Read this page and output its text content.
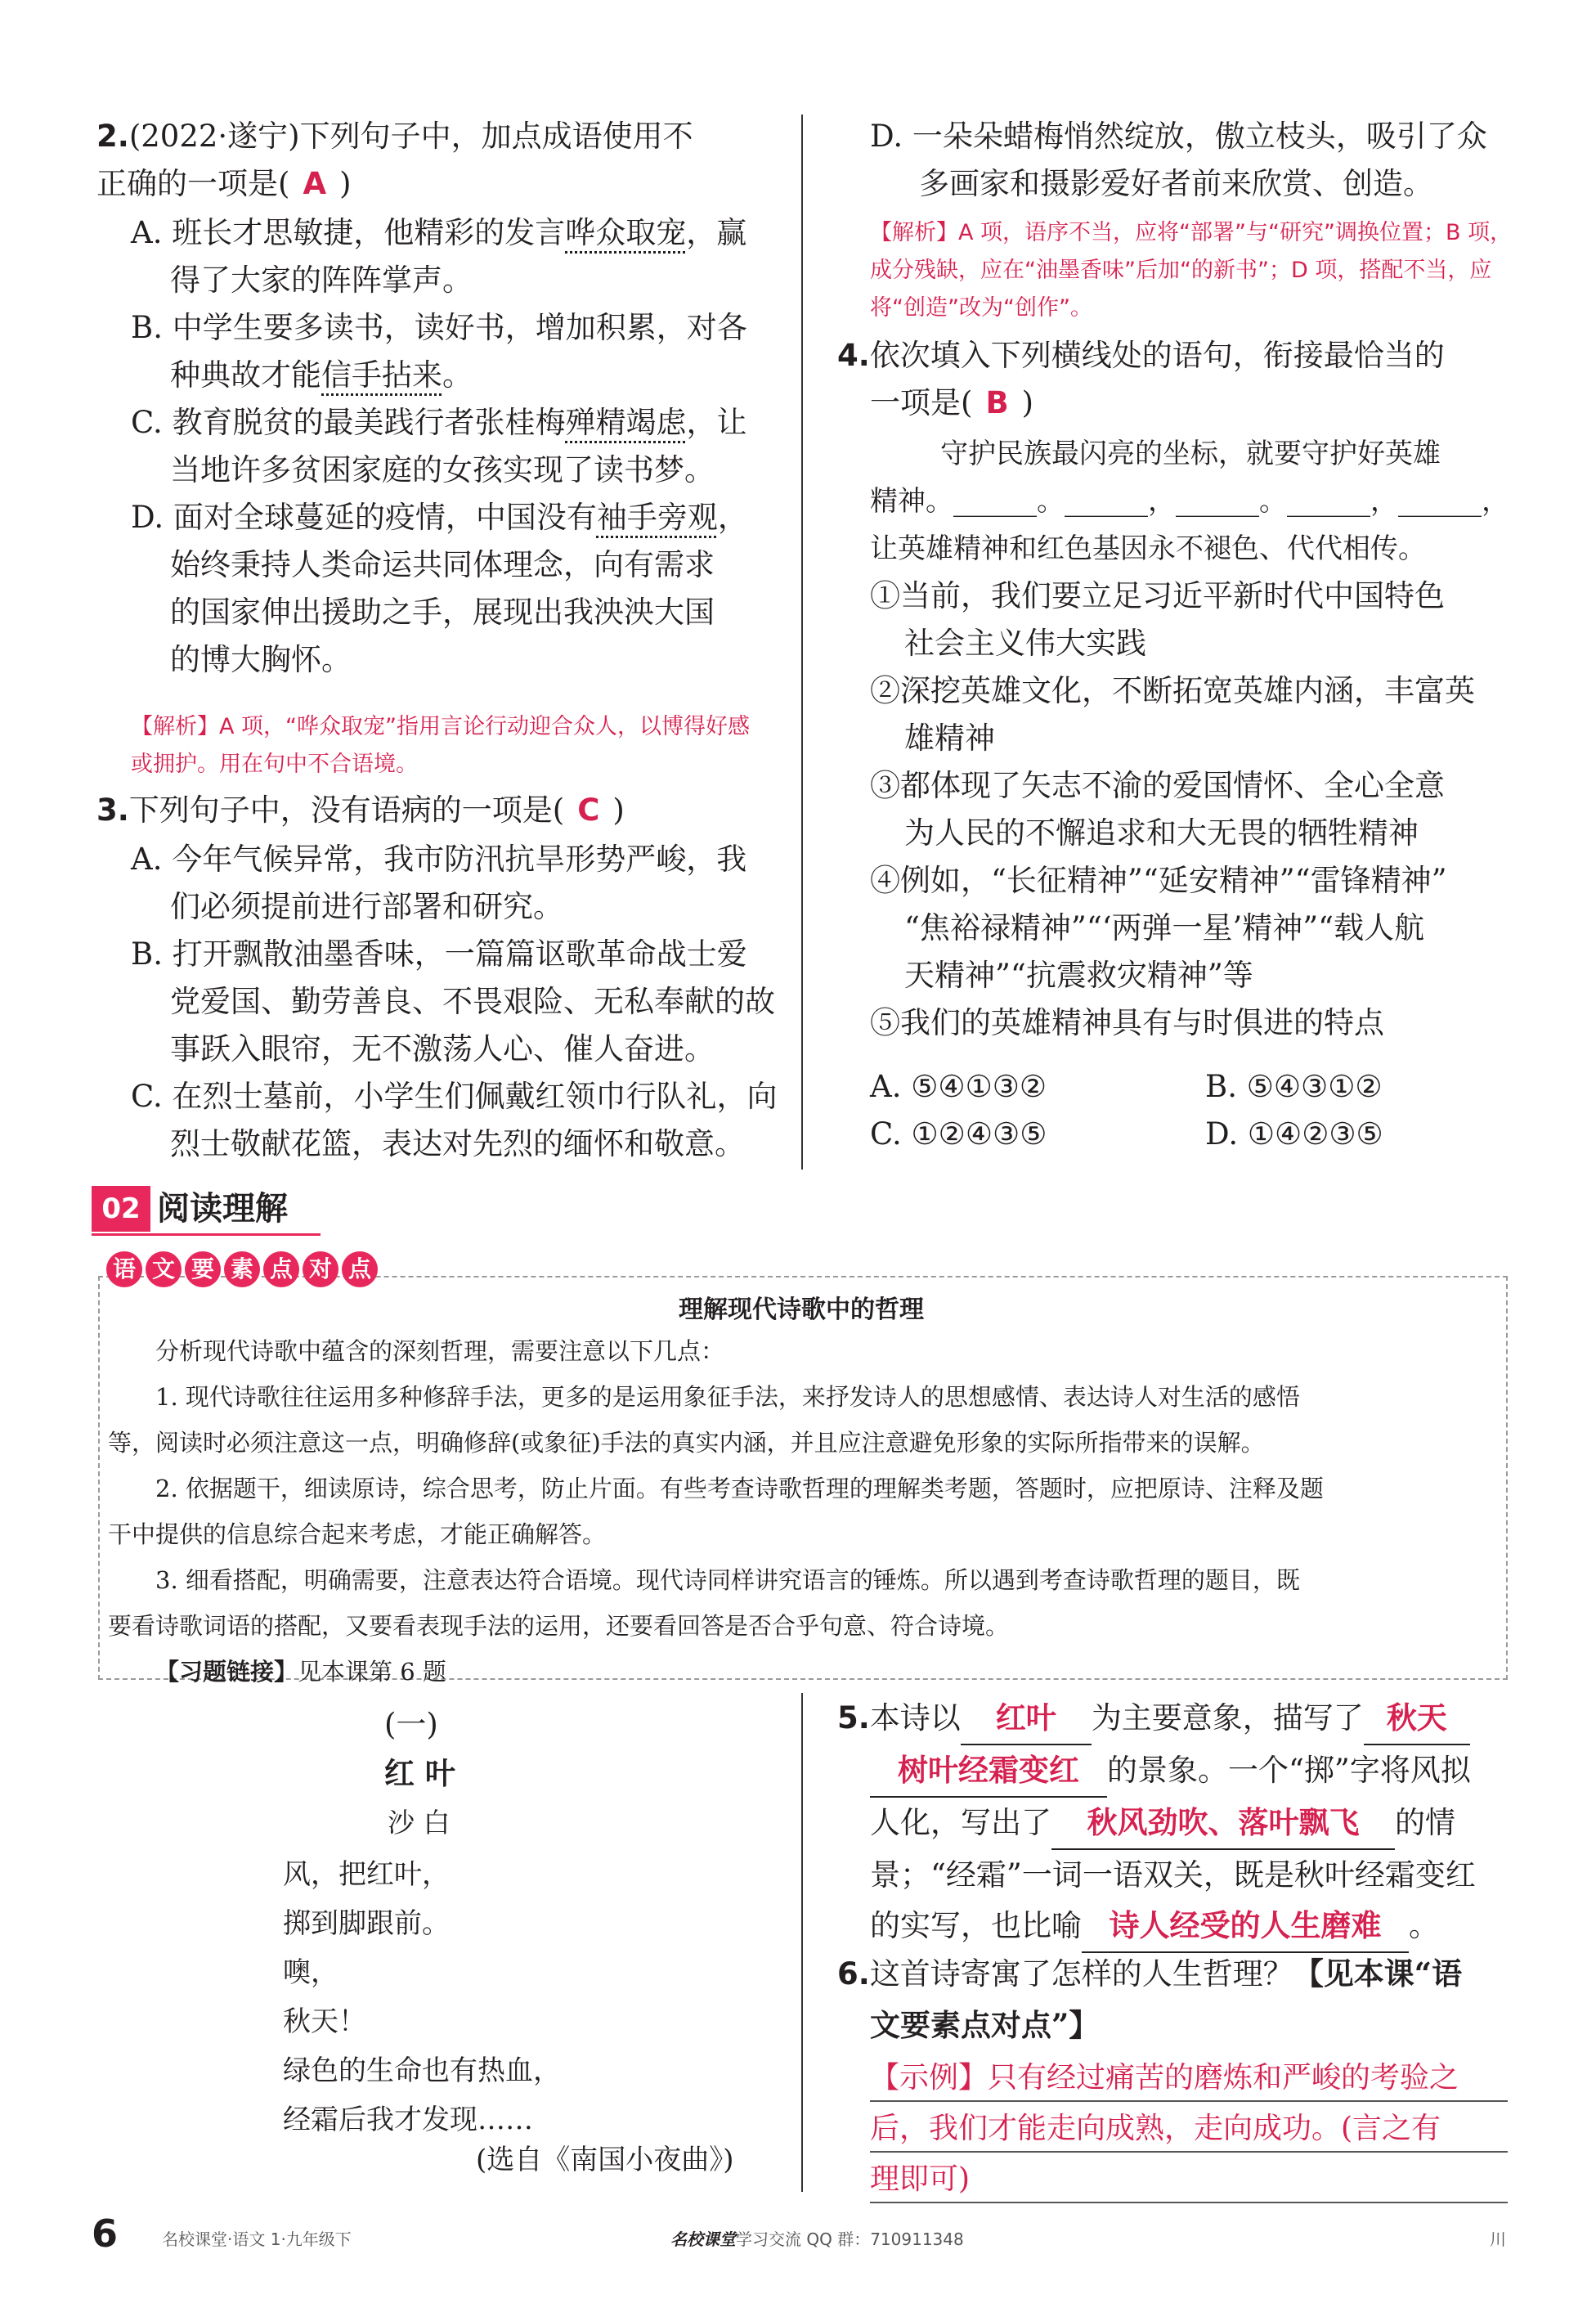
2.(2022·遂宁)下列句子中，加点成语使用不
正确的一项是( A )
A. 班长才思敏捷，他精彩的发言哗众取宠，赢
得了大家的阵阵掌声。
B. 中学生要多读书，读好书，增加积累，对各
种典故才能信手拈来。
C. 教育脱贫的最美践行者张桂梅殚精竭虑，让
当地许多贫困家庭的女孩实现了读书梦。
D. 面对全球蔓延的疫情，中国没有袖手旁观，
始终秉持人类命运共同体理念，向有需求
的国家伸出援助之手，展现出我泱泱大国
的博大胸怀。
【解析】A 项，“哗众取宠”指用言论行动迎合众人，以博得好感
或拥护。用在句中不合语境。
3.下列句子中，没有语病的一项是( C )
A. 今年气候异常，我市防汛抗旱形势严峻，我
们必须提前进行部署和研究。
B. 打开飘散油墨香味，一篇篇讴歌革命战士爱
党爱国、勤劳善良、不畏艰险、无私奉献的故
事跃入眼帘，无不激荡人心、催人奋进。
C. 在烈士墓前，小学生们佩戴红领巾行队礼，向
烈士敬献花篮，表达对先烈的缅怀和敬意。
D. 一朵朵蜡梅悄然绽放，傲立枝头，吸引了众
多画家和摄影爱好者前来欣赏、创造。
【解析】A 项，语序不当，应将“部署”与“研究”调换位置；B 项，
成分残缺，应在“油墨香味”后加“的新书”；D 项，搭配不当，应
将“创造”改为“创作”。
4.依次填入下列横线处的语句，衔接最恰当的
一项是( B )
守护民族最闪亮的坐标，就要守护好英雄
精神。______。______，______。______，______，
让英雄精神和红色基因永不褪色、代代相传。
①当前，我们要立足习近平新时代中国特色
社会主义伟大实践
②深挖英雄文化，不断拓宽英雄内涵，丰富英
雄精神
③都体现了矢志不渝的爱国情怀、全心全意
为人民的不懈追求和大无畏的牺牲精神
④例如，“长征精神”“延安精神”“雷锋精神”
“焦裕禄精神”“‘两弹一星’精神”“载人航
天精神”“抗震救灾精神”等
⑤我们的英雄精神具有与时俱进的特点
A. ⑤④①③②	B. ⑤④③①②
C. ①②④③⑤	D. ①④②③⑤
02 阅读理解
语 文 要 素 点 对 点
理解现代诗歌中的哲理
分析现代诗歌中蕴含的深刻哲理，需要注意以下几点：
1. 现代诗歌往往运用多种修辞手法，更多的是运用象征手法，来抒发诗人的思想感情、表达诗人对生活的感悟
等，阅读时必须注意这一点，明确修辞(或象征)手法的真实内涵，并且应注意避免形象的实际所指带来的误解。
2. 依据题干，细读原诗，综合思考，防止片面。有些考查诗歌哲理的理解类考题，答题时，应把原诗、注释及题
干中提供的信息综合起来考虑，才能正确解答。
3. 细看搭配，明确需要，注意表达符合语境。现代诗同样讲究语言的锤炼。所以遇到考查诗歌哲理的题目，既
要看诗歌词语的搭配，又要看表现手法的运用，还要看回答是否合乎句意、符合诗境。
【习题链接】见本课第 6 题
(一)
红 叶
沙 白
风，把红叶，
掷到脚跟前。
噢，
秋天！
绿色的生命也有热血，
经霜后我才发现……
(选自《南国小夜曲》)
5.本诗以 红叶 为主要意象，描写了 秋天
树叶经霜变红 的景象。一个“掷”字将风拟
人化，写出了 秋风劲吹、落叶飘飞 的情
景；“经霜”一词一语双关，既是秋叶经霜变红
的实写，也比喻 诗人经受的人生磨难 。
6.这首诗寄寓了怎样的人生哲理？【见本课“语
文要素点对点”】
【示例】只有经过痛苦的磨炼和严峻的考验之
后，我们才能走向成熟，走向成功。(言之有
理即可)
6	名校课堂·语文 1·九年级下	名校课堂学习交流 QQ 群：710911348	川
